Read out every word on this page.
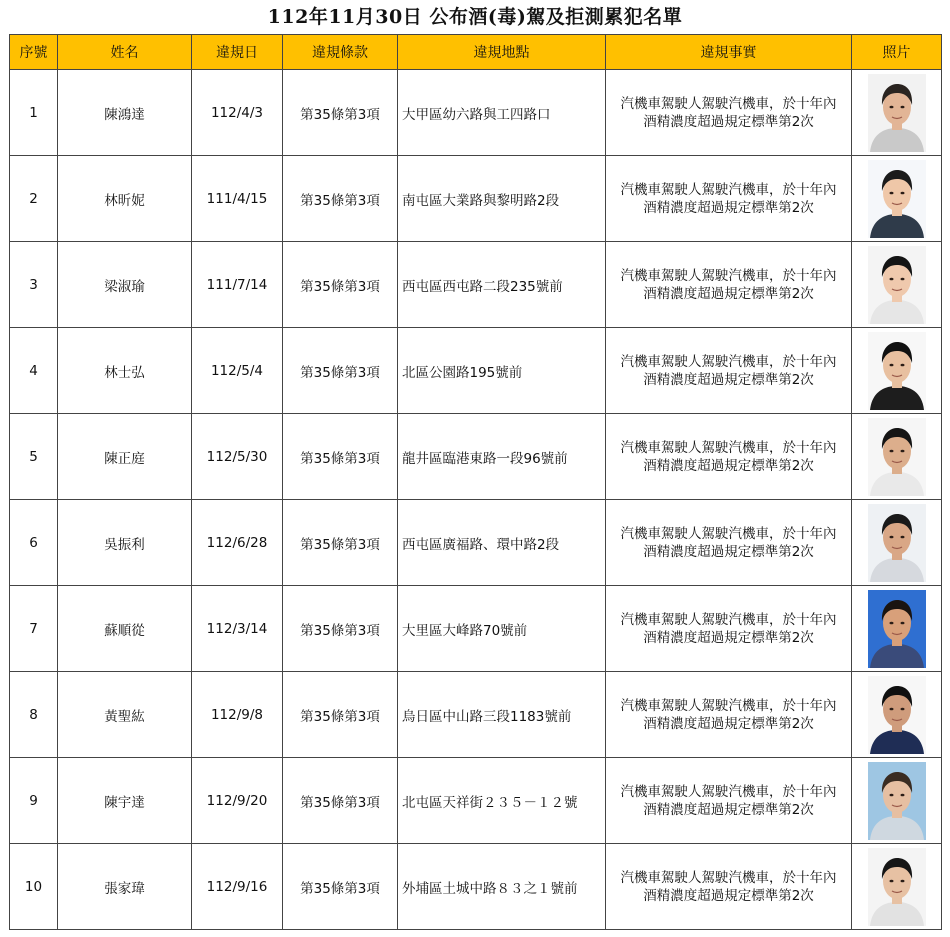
112年11月30日 公布酒(毒)駕及拒測累犯名單
序號	姓名	違規日	違規條款	違規地點	違規事實	照片
1	陳鴻達	112/4/3	第35條第3項	大甲區幼六路與工四路口	汽機車駕駛人駕駛汽機車，於十年內
酒精濃度超過規定標準第2次

2	林昕妮	111/4/15	第35條第3項	南屯區大業路與黎明路2段	汽機車駕駛人駕駛汽機車，於十年內
酒精濃度超過規定標準第2次

3	梁淑瑜	111/7/14	第35條第3項	西屯區西屯路二段235號前	汽機車駕駛人駕駛汽機車，於十年內
酒精濃度超過規定標準第2次

4	林士弘	112/5/4	第35條第3項	北區公園路195號前	汽機車駕駛人駕駛汽機車，於十年內
酒精濃度超過規定標準第2次

5	陳正庭	112/5/30	第35條第3項	龍井區臨港東路一段96號前	汽機車駕駛人駕駛汽機車，於十年內
酒精濃度超過規定標準第2次

6	吳振利	112/6/28	第35條第3項	西屯區廣福路、環中路2段	汽機車駕駛人駕駛汽機車，於十年內
酒精濃度超過規定標準第2次

7	蘇順從	112/3/14	第35條第3項	大里區大峰路70號前	汽機車駕駛人駕駛汽機車，於十年內
酒精濃度超過規定標準第2次

8	黃聖紘	112/9/8	第35條第3項	烏日區中山路三段1183號前	汽機車駕駛人駕駛汽機車，於十年內
酒精濃度超過規定標準第2次

9	陳宇達	112/9/20	第35條第3項	北屯區天祥街２３５－１２號	汽機車駕駛人駕駛汽機車，於十年內
酒精濃度超過規定標準第2次

10	張家瑋	112/9/16	第35條第3項	外埔區土城中路８３之１號前	汽機車駕駛人駕駛汽機車，於十年內
酒精濃度超過規定標準第2次
